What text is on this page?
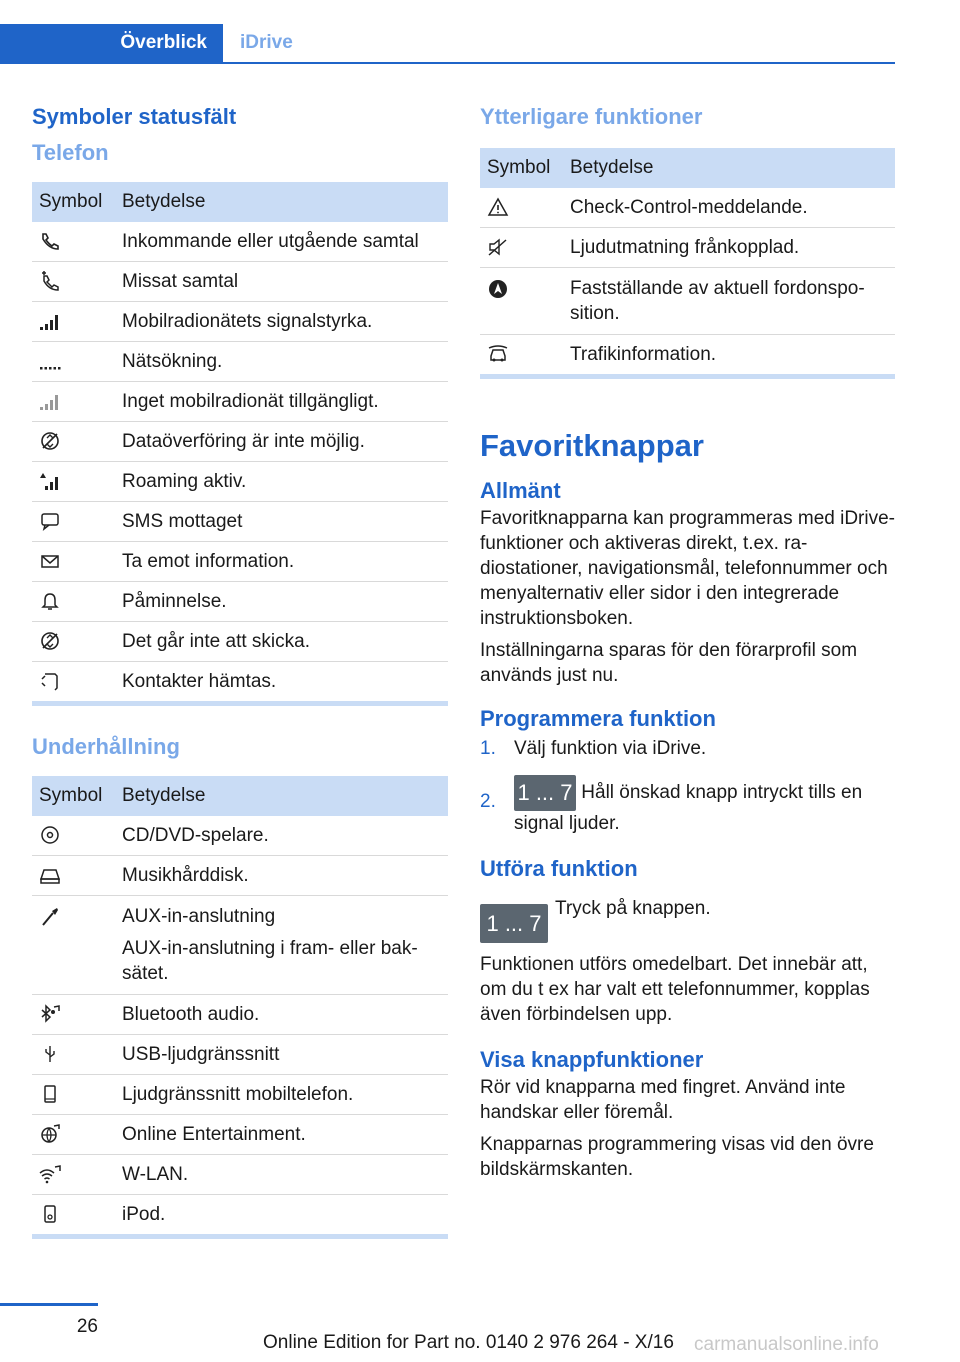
Överblick iDrive
Symboler statusfält
Telefon
Symbol	Betydelse

	Inkommande eller utgående samtal

	Missat samtal

	Mobilradionätets signalstyrka.

	Nätsökning.

	Inget mobilradionät tillgängligt.

	Dataöverföring är inte möjlig.

	Roaming aktiv.

	SMS mottaget

	Ta emot information.

	Påminnelse.

	Det går inte att skicka.

	Kontakter hämtas.
Underhållning
Symbol	Betydelse

	CD/DVD-spelare.

	Musikhårddisk.

AUX-in-anslutning
AUX-in-anslutning i fram- eller bak-sätet.

	Bluetooth audio.

	USB-ljudgränssnitt

	Ljudgränssnitt mobiltelefon.

	Online Entertainment.

	W-LAN.

	iPod.
Ytterligare funktioner
Symbol	Betydelse

	Check-Control-meddelande.

	Ljudutmatning frånkopplad.

	Fastställande av aktuell fordonspo-sition.

	Trafikinformation.
Favoritknappar
Allmänt

Favoritknapparna kan programmeras med iDrive-funktioner och aktiveras direkt, t.ex. ra-diostationer, navigationsmål, telefonnummer och menyalternativ eller sidor i den integrerade instruktionsboken.

Inställningarna sparas för den förarprofil som används just nu.

Programmera funktion
1. Välj funktion via iDrive.
2. 1 ... 7 Håll önskad knapp intryckt tills en signal ljuder.
Utföra funktion
1 ... 7
Tryck på knappen.

Funktionen utförs omedelbart. Det innebär att, om du t ex har valt ett telefonnummer, kopplas även förbindelsen upp.

Visa knappfunktioner

Rör vid knapparna med fingret. Använd inte handskar eller föremål.

Knapparnas programmering visas vid den övre bildskärmskanten.

26
Online Edition for Part no. 0140 2 976 264 - X/16 carmanualsonline.info
